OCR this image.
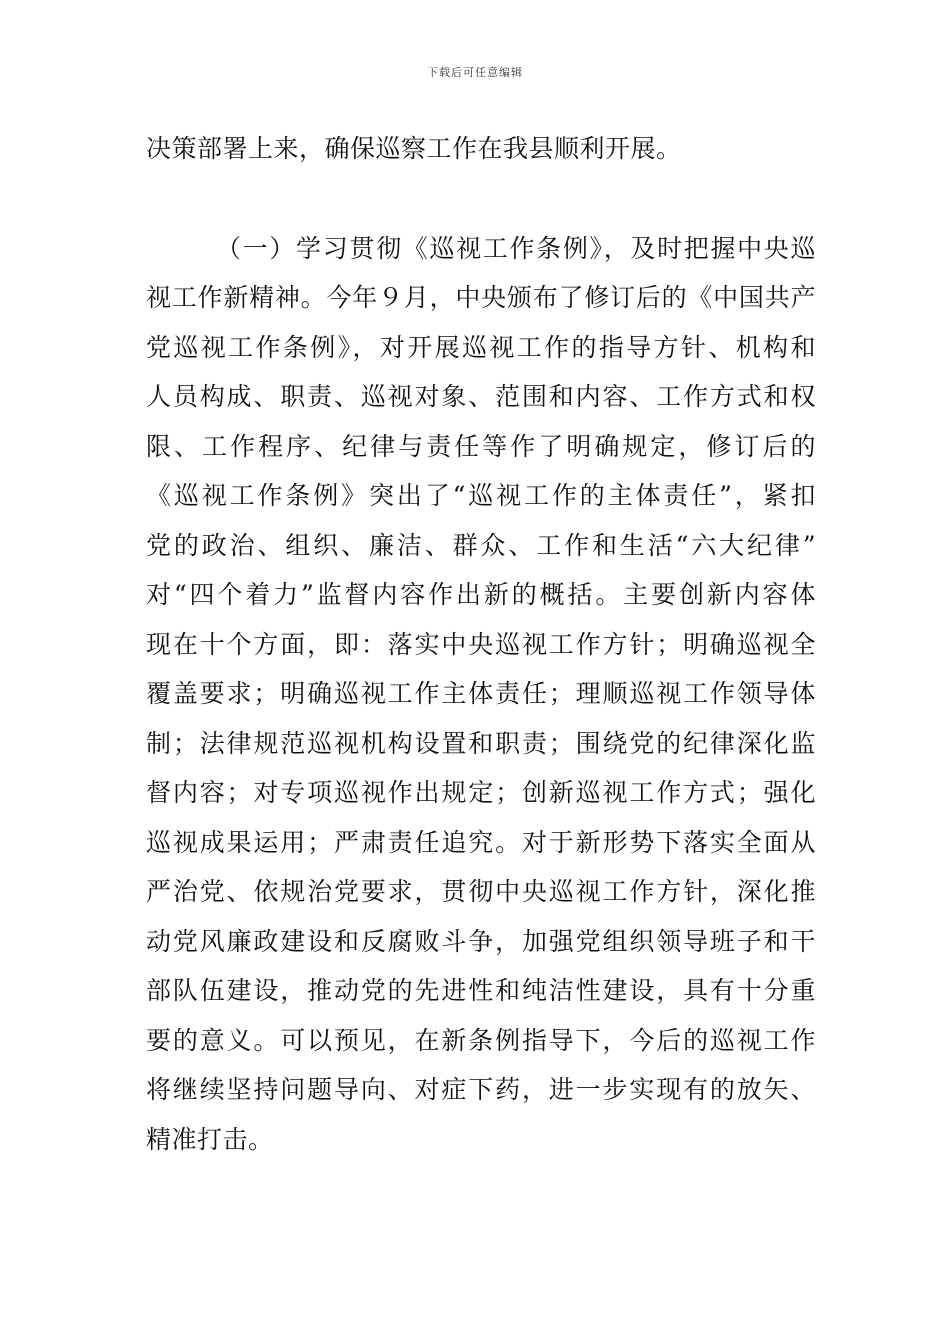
下载后可任意编辑
决策部署上来，确保巡察工作在我县顺利开展。
（一）学习贯彻《巡视工作条例》，及时把握中央巡
视工作新精神。今年９月，中央颁布了修订后的《中国共产
党巡视工作条例》，对开展巡视工作的指导方针、机构和
人员构成、职责、巡视对象、范围和内容、工作方式和权
限、工作程序、纪律与责任等作了明确规定，修订后的
《巡视工作条例》突出了“巡视工作的主体责任”，紧扣
党的政治、组织、廉洁、群众、工作和生活“六大纪律”
对“四个着力”监督内容作出新的概括。主要创新内容体
现在十个方面，即：落实中央巡视工作方针；明确巡视全
覆盖要求；明确巡视工作主体责任；理顺巡视工作领导体
制；法律规范巡视机构设置和职责；围绕党的纪律深化监
督内容；对专项巡视作出规定；创新巡视工作方式；强化
巡视成果运用；严肃责任追究。对于新形势下落实全面从
严治党、依规治党要求，贯彻中央巡视工作方针，深化推
动党风廉政建设和反腐败斗争，加强党组织领导班子和干
部队伍建设，推动党的先进性和纯洁性建设，具有十分重
要的意义。可以预见，在新条例指导下，今后的巡视工作
将继续坚持问题导向、对症下药，进一步实现有的放矢、
精准打击。
